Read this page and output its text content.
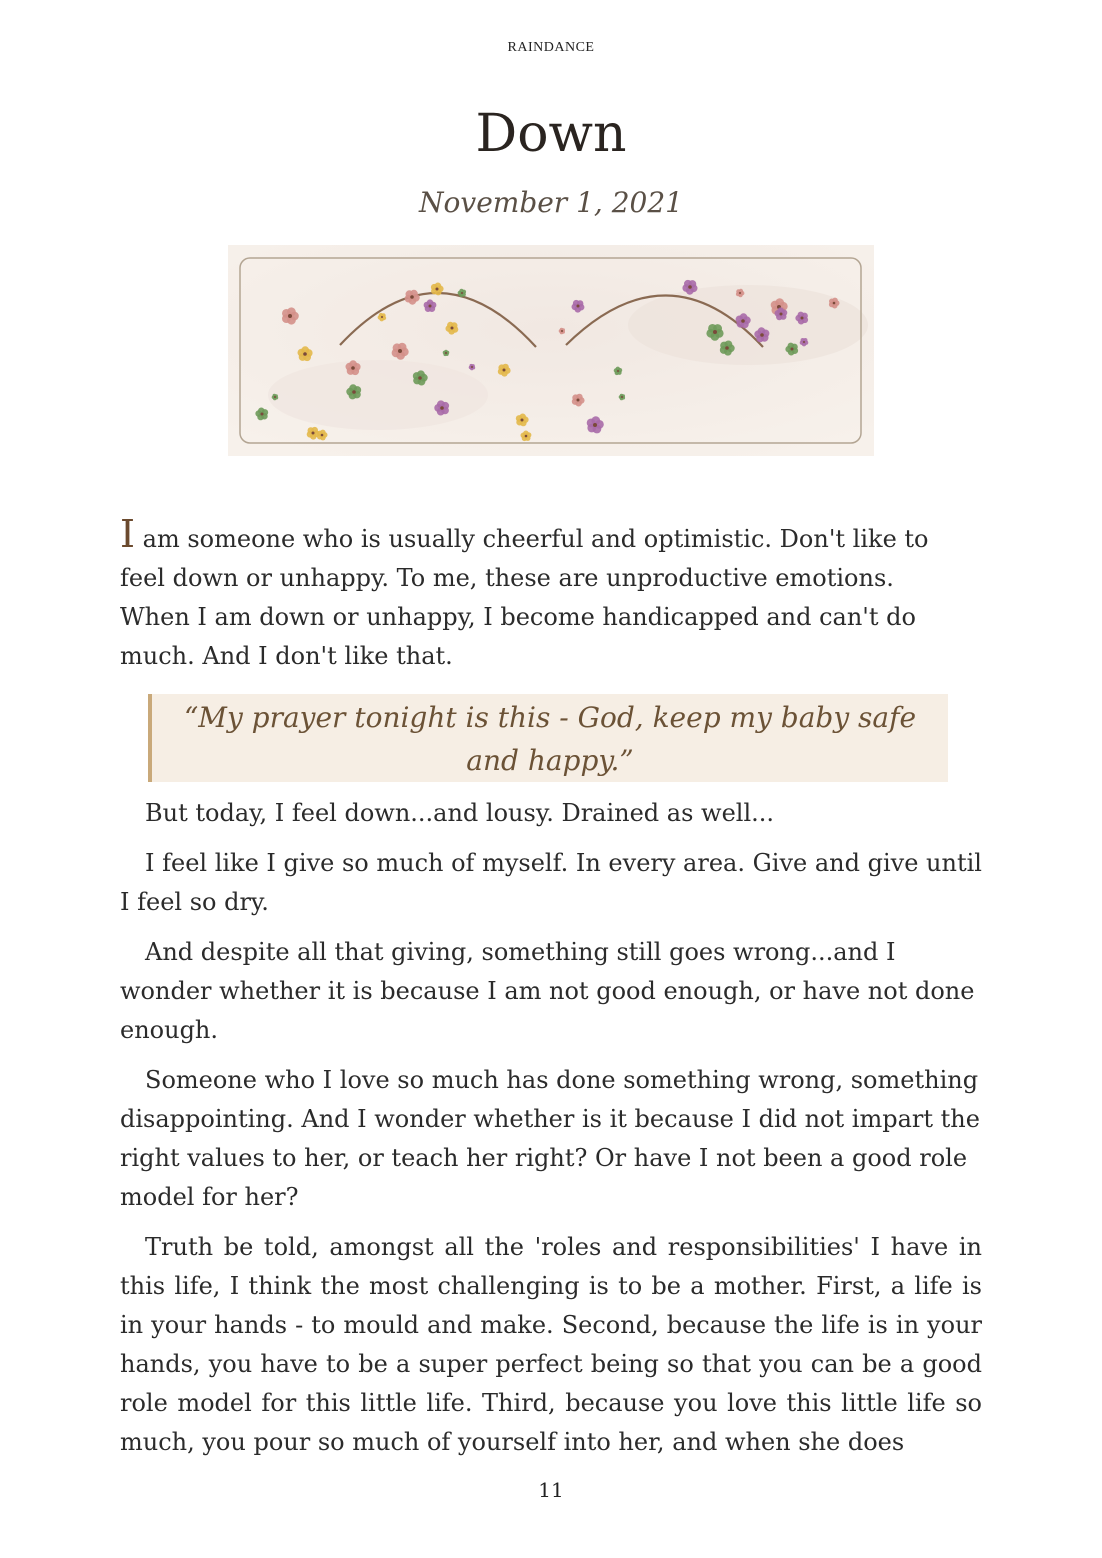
RAINDANCE
Down
November 1, 2021

I am someone who is usually cheerful and optimistic. Don't like to feel down or unhappy. To me, these are unproductive emotions. When I am down or unhappy, I become handicapped and can't do much. And I don't like that.

“My prayer tonight is this - God, keep my baby safe and happy.”

But today, I feel down...and lousy. Drained as well...

I feel like I give so much of myself. In every area. Give and give until I feel so dry.

And despite all that giving, something still goes wrong...and I wonder whether it is because I am not good enough, or have not done enough.

Someone who I love so much has done something wrong, something disappointing. And I wonder whether is it because I did not impart the right values to her, or teach her right? Or have I not been a good role model for her?

Truth be told, amongst all the 'roles and responsibilities' I have in this life, I think the most challenging is to be a mother. First, a life is in your hands - to mould and make. Second, because the life is in your hands, you have to be a super perfect being so that you can be a good role model for this little life. Third, because you love this little life so much, you pour so much of yourself into her, and when she does

11
